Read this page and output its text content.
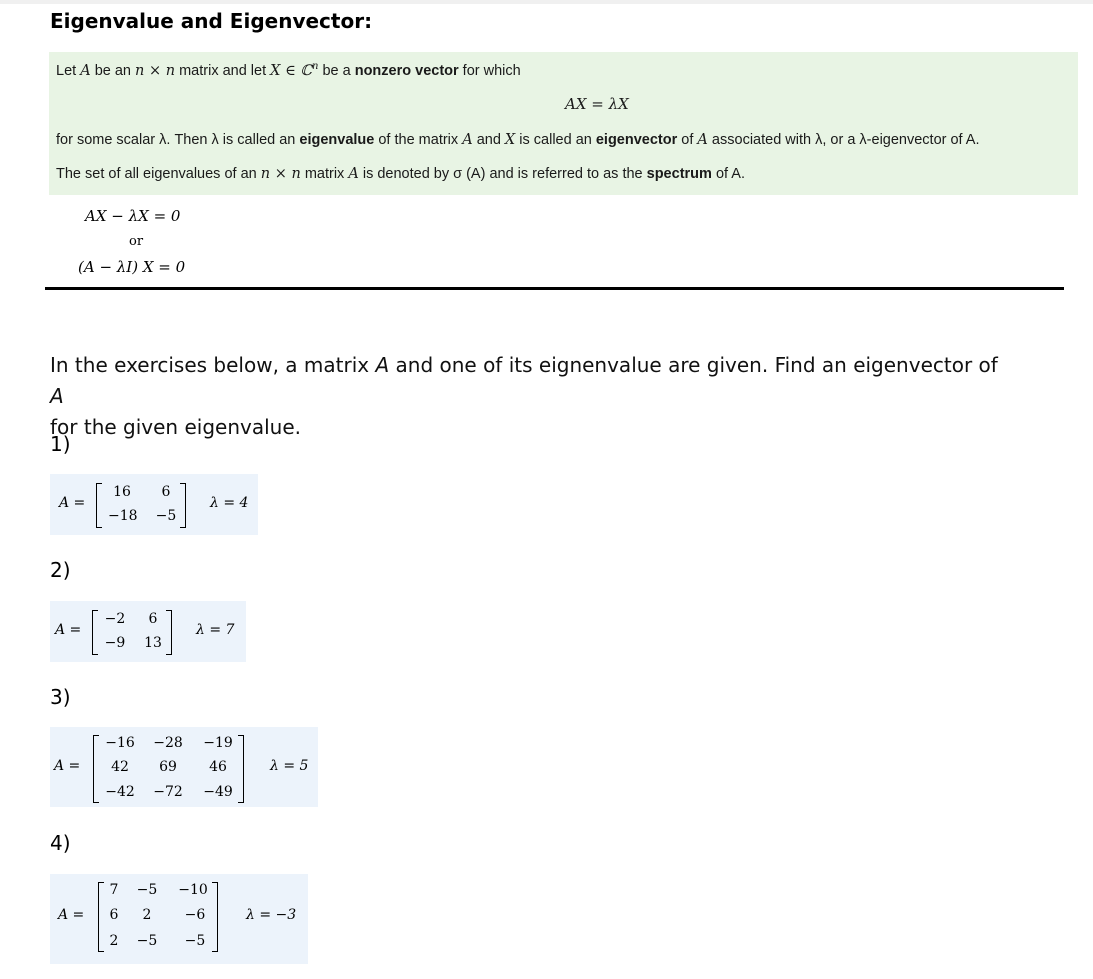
Eigenvalue and Eigenvector:
Let A be an n × n matrix and let X ∈ ℂ$^n$ be a nonzero vector for which
AX = λX
for some scalar λ. Then λ is called an eigenvalue of the matrix A and X is called an eigenvector of A associated with λ, or a λ-eigenvector of A.
The set of all eigenvalues of an n × n matrix A is denoted by σ (A) and is referred to as the spectrum of A.
AX − λX = 0
or
(A − λI) X = 0
In the exercises below, a matrix A and one of its eignenvalue are given. Find an eigenvector of A
for the given eigenvalue.
1)
A =
16	6
−18 −5
λ = 4
2)
A =
−2	6
−9 13
λ = 7
3)
A =
−16 −28 −19
42	69	46
−42 −72 −49
λ = 5
4)
A =
7	−5 −10
6	2	−6
2	−5	−5
λ = −3
